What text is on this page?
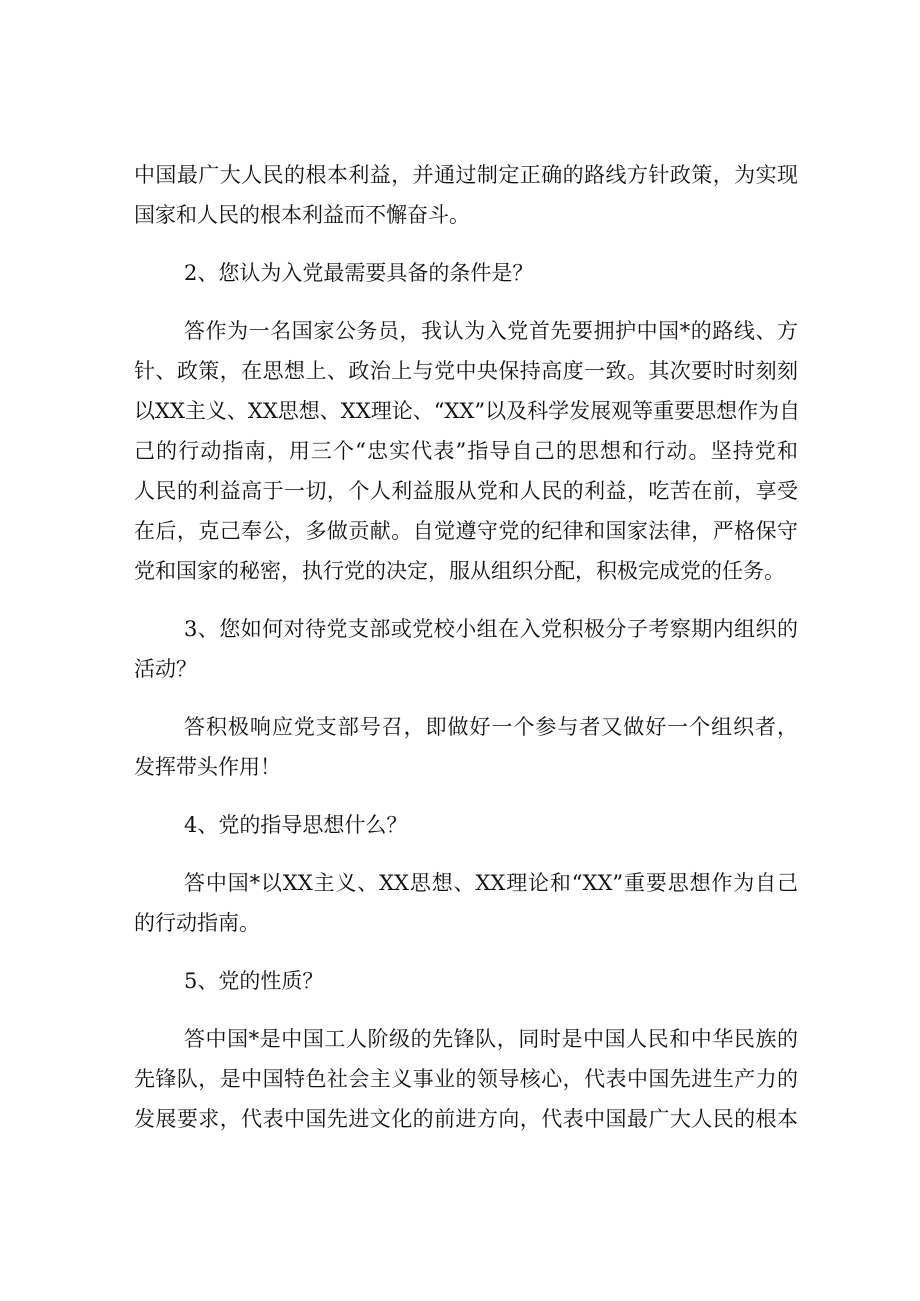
中国最广大人民的根本利益，并通过制定正确的路线方针政策，为实现
国家和人民的根本利益而不懈奋斗。
2、您认为入党最需要具备的条件是？
答作为一名国家公务员，我认为入党首先要拥护中国*的路线、方
针、政策，在思想上、政治上与党中央保持高度一致。其次要时时刻刻
以XX主义、XX思想、XX理论、“XX”以及科学发展观等重要思想作为自
己的行动指南，用三个“忠实代表”指导自己的思想和行动。坚持党和
人民的利益高于一切，个人利益服从党和人民的利益，吃苦在前，享受
在后，克己奉公，多做贡献。自觉遵守党的纪律和国家法律，严格保守
党和国家的秘密，执行党的决定，服从组织分配，积极完成党的任务。
3、您如何对待党支部或党校小组在入党积极分子考察期内组织的
活动？
答积极响应党支部号召，即做好一个参与者又做好一个组织者，
发挥带头作用！
4、党的指导思想什么？
答中国*以XX主义、XX思想、XX理论和“XX”重要思想作为自己
的行动指南。
5、党的性质？
答中国*是中国工人阶级的先锋队，同时是中国人民和中华民族的
先锋队，是中国特色社会主义事业的领导核心，代表中国先进生产力的
发展要求，代表中国先进文化的前进方向，代表中国最广大人民的根本
